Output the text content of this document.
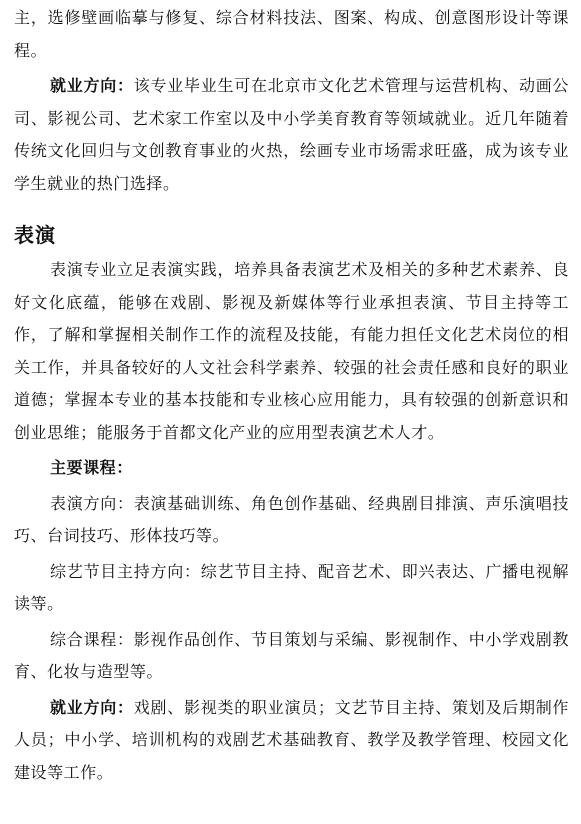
主，选修壁画临摹与修复、综合材料技法、图案、构成、创意图形设计等课程。

就业方向：该专业毕业生可在北京市文化艺术管理与运营机构、动画公司、影视公司、艺术家工作室以及中小学美育教育等领域就业。近几年随着传统文化回归与文创教育事业的火热，绘画专业市场需求旺盛，成为该专业学生就业的热门选择。

表演

表演专业立足表演实践，培养具备表演艺术及相关的多种艺术素养、良好文化底蕴，能够在戏剧、影视及新媒体等行业承担表演、节目主持等工作，了解和掌握相关制作工作的流程及技能，有能力担任文化艺术岗位的相关工作，并具备较好的人文社会科学素养、较强的社会责任感和良好的职业道德；掌握本专业的基本技能和专业核心应用能力，具有较强的创新意识和创业思维；能服务于首都文化产业的应用型表演艺术人才。

主要课程：

表演方向：表演基础训练、角色创作基础、经典剧目排演、声乐演唱技巧、台词技巧、形体技巧等。

综艺节目主持方向：综艺节目主持、配音艺术、即兴表达、广播电视解读等。

综合课程：影视作品创作、节目策划与采编、影视制作、中小学戏剧教育、化妆与造型等。

就业方向：戏剧、影视类的职业演员；文艺节目主持、策划及后期制作人员；中小学、培训机构的戏剧艺术基础教育、教学及教学管理、校园文化建设等工作。
